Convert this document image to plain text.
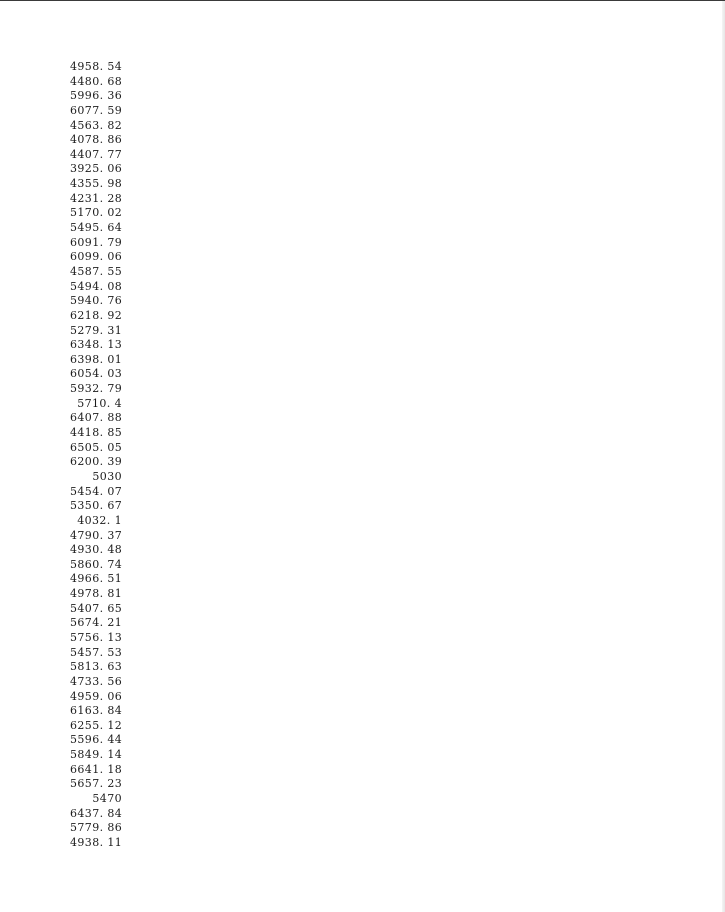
4958. 54
4480. 68
5996. 36
6077. 59
4563. 82
4078. 86
4407. 77
3925. 06
4355. 98
4231. 28
5170. 02
5495. 64
6091. 79
6099. 06
4587. 55
5494. 08
5940. 76
6218. 92
5279. 31
6348. 13
6398. 01
6054. 03
5932. 79
5710. 4
6407. 88
4418. 85
6505. 05
6200. 39
5030
5454. 07
5350. 67
4032. 1
4790. 37
4930. 48
5860. 74
4966. 51
4978. 81
5407. 65
5674. 21
5756. 13
5457. 53
5813. 63
4733. 56
4959. 06
6163. 84
6255. 12
5596. 44
5849. 14
6641. 18
5657. 23
5470
6437. 84
5779. 86
4938. 11
